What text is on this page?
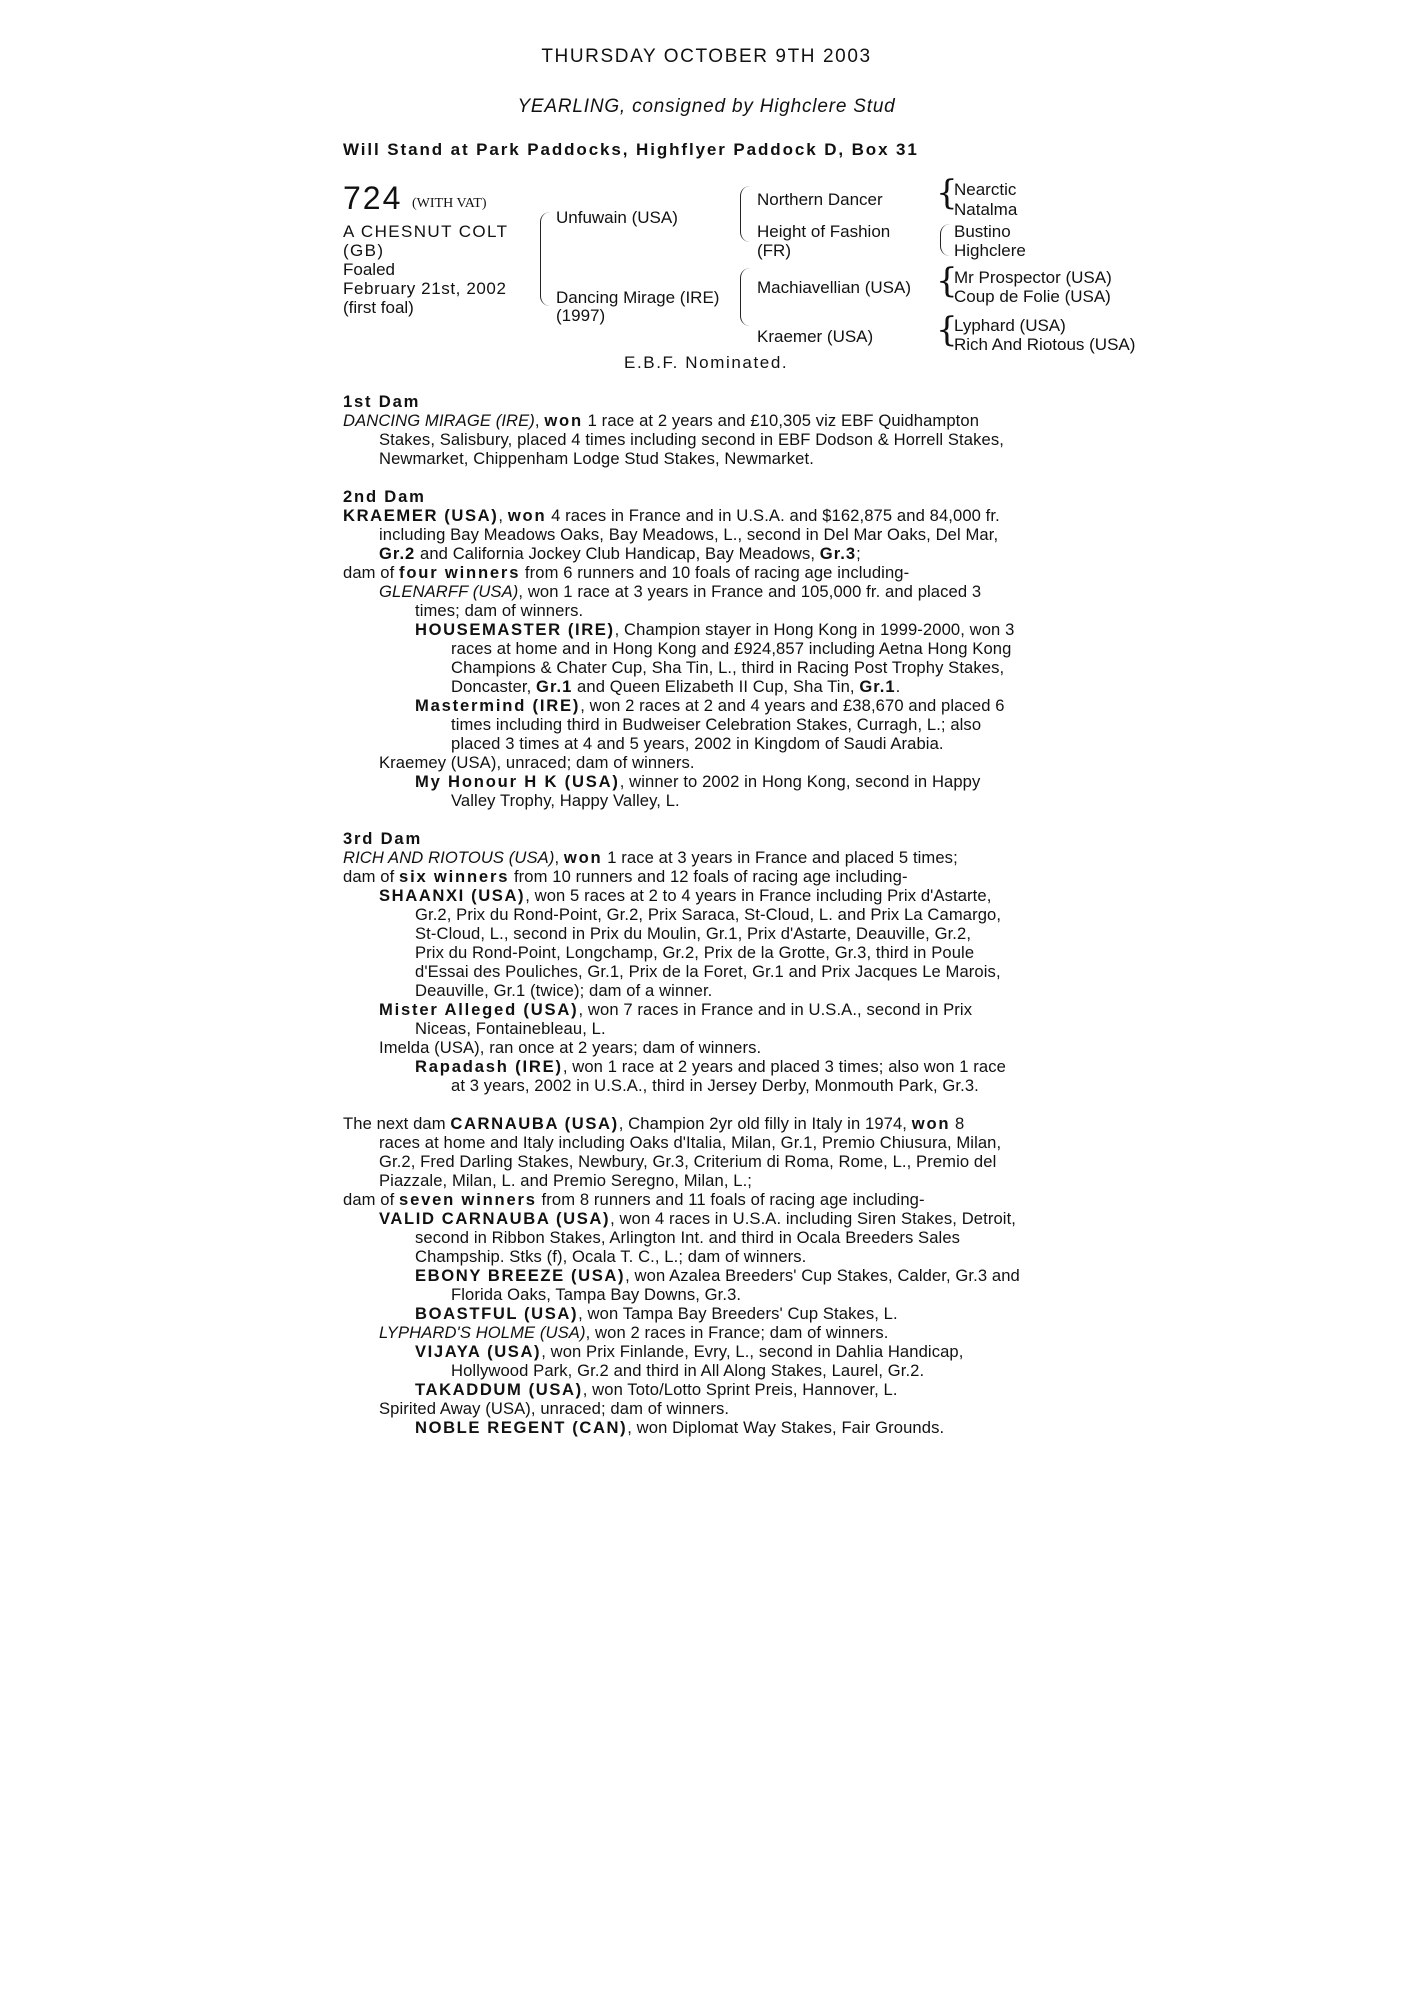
THURSDAY OCTOBER 9TH 2003
YEARLING, consigned by Highclere Stud
Will Stand at Park Paddocks, Highflyer Paddock D, Box 31
724 (WITH VAT)
A CHESNUT COLT
(GB)
Foaled
February 21st, 2002
(first foal)
Unfuwain (USA)
Dancing Mirage (IRE)
(1997)
Northern Dancer
Height of Fashion
(FR)
Machiavellian (USA)
Kraemer (USA)
{
Nearctic
Natalma
Bustino
Highclere
{
Mr Prospector (USA)
Coup de Folie (USA)
{
Lyphard (USA)
Rich And Riotous (USA)
E.B.F. Nominated.
1st Dam
DANCING MIRAGE (IRE), won 1 race at 2 years and £10,305 viz EBF Quidhampton
Stakes, Salisbury, placed 4 times including second in EBF Dodson & Horrell Stakes,
Newmarket, Chippenham Lodge Stud Stakes, Newmarket.
2nd Dam
KRAEMER (USA), won 4 races in France and in U.S.A. and $162,875 and 84,000 fr.
including Bay Meadows Oaks, Bay Meadows, L., second in Del Mar Oaks, Del Mar,
Gr.2 and California Jockey Club Handicap, Bay Meadows, Gr.3;
dam of four winners from 6 runners and 10 foals of racing age including-
GLENARFF (USA), won 1 race at 3 years in France and 105,000 fr. and placed 3
times; dam of winners.
HOUSEMASTER (IRE), Champion stayer in Hong Kong in 1999-2000, won 3
races at home and in Hong Kong and £924,857 including Aetna Hong Kong
Champions & Chater Cup, Sha Tin, L., third in Racing Post Trophy Stakes,
Doncaster, Gr.1 and Queen Elizabeth II Cup, Sha Tin, Gr.1.
Mastermind (IRE), won 2 races at 2 and 4 years and £38,670 and placed 6
times including third in Budweiser Celebration Stakes, Curragh, L.; also
placed 3 times at 4 and 5 years, 2002 in Kingdom of Saudi Arabia.
Kraemey (USA), unraced; dam of winners.
My Honour H K (USA), winner to 2002 in Hong Kong, second in Happy
Valley Trophy, Happy Valley, L.
3rd Dam
RICH AND RIOTOUS (USA), won 1 race at 3 years in France and placed 5 times;
dam of six winners from 10 runners and 12 foals of racing age including-
SHAANXI (USA), won 5 races at 2 to 4 years in France including Prix d'Astarte,
Gr.2, Prix du Rond-Point, Gr.2, Prix Saraca, St-Cloud, L. and Prix La Camargo,
St-Cloud, L., second in Prix du Moulin, Gr.1, Prix d'Astarte, Deauville, Gr.2,
Prix du Rond-Point, Longchamp, Gr.2, Prix de la Grotte, Gr.3, third in Poule
d'Essai des Pouliches, Gr.1, Prix de la Foret, Gr.1 and Prix Jacques Le Marois,
Deauville, Gr.1 (twice); dam of a winner.
Mister Alleged (USA), won 7 races in France and in U.S.A., second in Prix
Niceas, Fontainebleau, L.
Imelda (USA), ran once at 2 years; dam of winners.
Rapadash (IRE), won 1 race at 2 years and placed 3 times; also won 1 race
at 3 years, 2002 in U.S.A., third in Jersey Derby, Monmouth Park, Gr.3.
The next dam CARNAUBA (USA), Champion 2yr old filly in Italy in 1974, won 8
races at home and Italy including Oaks d'Italia, Milan, Gr.1, Premio Chiusura, Milan,
Gr.2, Fred Darling Stakes, Newbury, Gr.3, Criterium di Roma, Rome, L., Premio del
Piazzale, Milan, L. and Premio Seregno, Milan, L.;
dam of seven winners from 8 runners and 11 foals of racing age including-
VALID CARNAUBA (USA), won 4 races in U.S.A. including Siren Stakes, Detroit,
second in Ribbon Stakes, Arlington Int. and third in Ocala Breeders Sales
Champship. Stks (f), Ocala T. C., L.; dam of winners.
EBONY BREEZE (USA), won Azalea Breeders' Cup Stakes, Calder, Gr.3 and
Florida Oaks, Tampa Bay Downs, Gr.3.
BOASTFUL (USA), won Tampa Bay Breeders' Cup Stakes, L.
LYPHARD'S HOLME (USA), won 2 races in France; dam of winners.
VIJAYA (USA), won Prix Finlande, Evry, L., second in Dahlia Handicap,
Hollywood Park, Gr.2 and third in All Along Stakes, Laurel, Gr.2.
TAKADDUM (USA), won Toto/Lotto Sprint Preis, Hannover, L.
Spirited Away (USA), unraced; dam of winners.
NOBLE REGENT (CAN), won Diplomat Way Stakes, Fair Grounds.
